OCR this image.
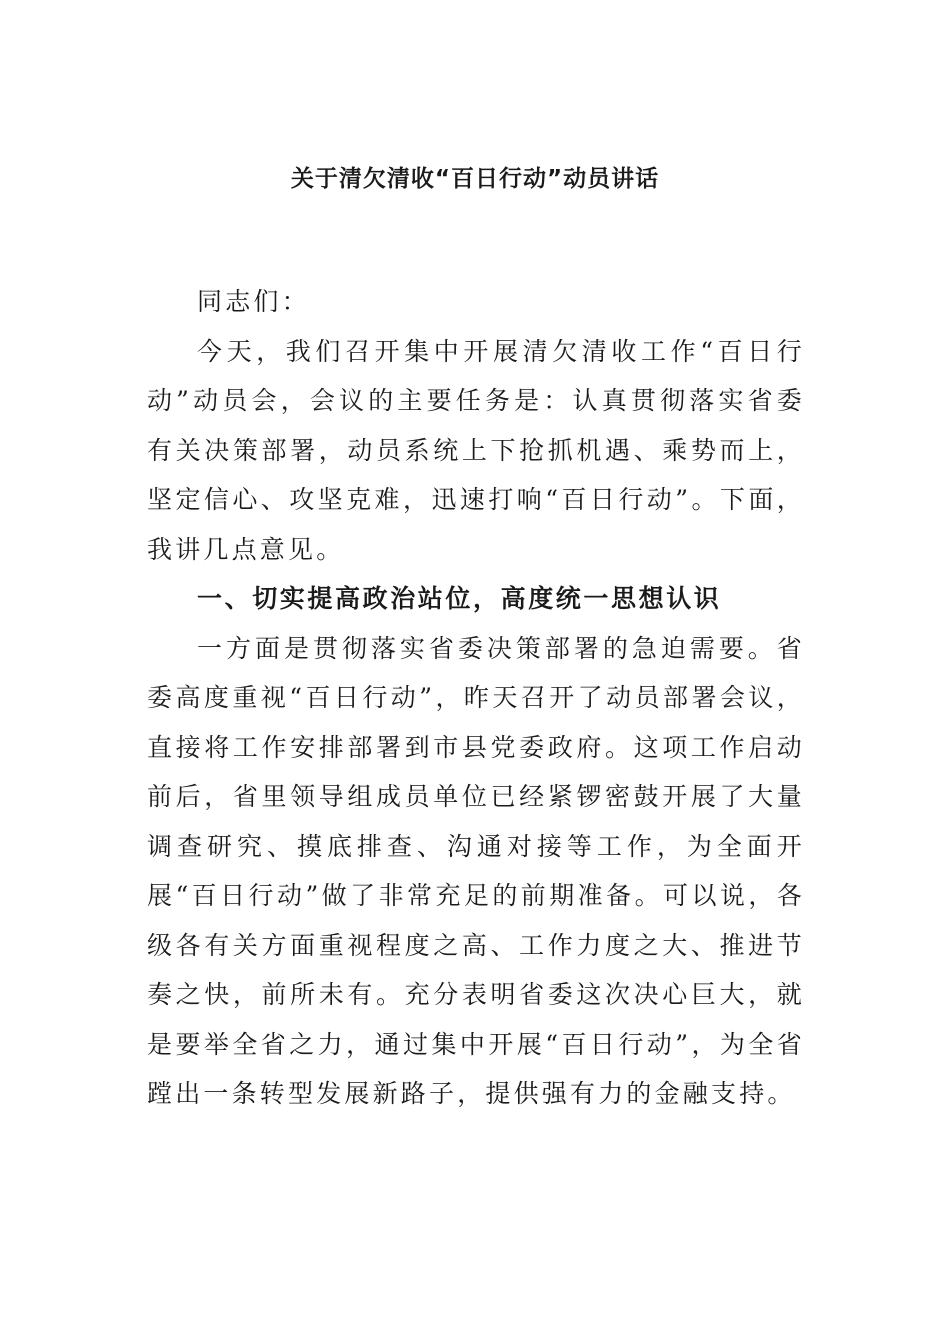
关于清欠清收“百日行动”动员讲话

同志们：

今天，我们召开集中开展清欠清收工作“百日行动”动员会，会议的主要任务是：认真贯彻落实省委有关决策部署，动员系统上下抢抓机遇、乘势而上，坚定信心、攻坚克难，迅速打响“百日行动”。下面，我讲几点意见。

一、切实提高政治站位，高度统一思想认识

一方面是贯彻落实省委决策部署的急迫需要。省委高度重视“百日行动”，昨天召开了动员部署会议，直接将工作安排部署到市县党委政府。这项工作启动前后，省里领导组成员单位已经紧锣密鼓开展了大量调查研究、摸底排查、沟通对接等工作，为全面开展“百日行动”做了非常充足的前期准备。可以说，各级各有关方面重视程度之高、工作力度之大、推进节奏之快，前所未有。充分表明省委这次决心巨大，就是要举全省之力，通过集中开展“百日行动”，为全省蹚出一条转型发展新路子，提供强有力的金融支持。
